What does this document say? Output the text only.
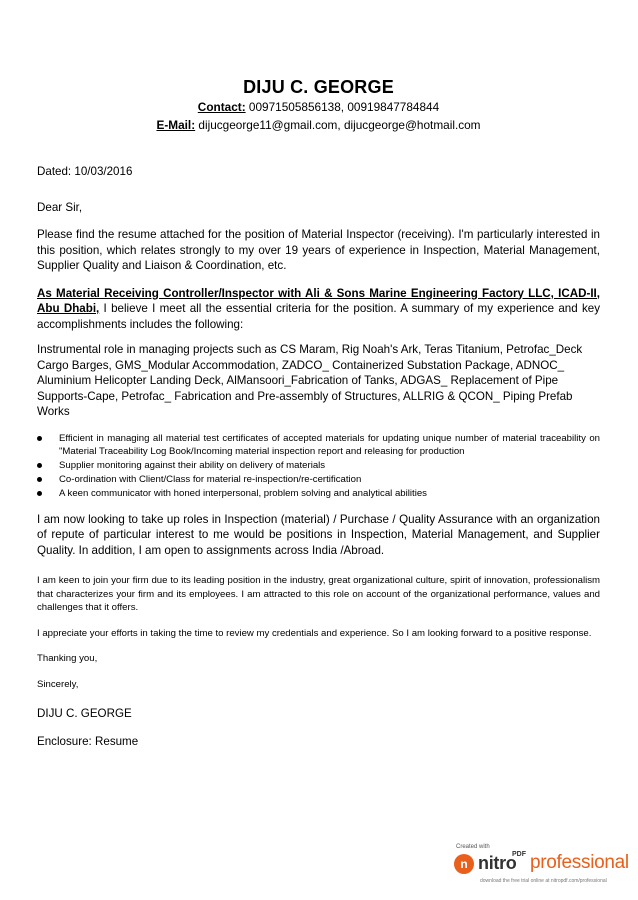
DIJU C. GEORGE
Contact: 00971505856138, 00919847784844
E-Mail: dijucgeorge11@gmail.com, dijucgeorge@hotmail.com

Dated: 10/03/2016

Dear Sir,

Please find the resume attached for the position of Material Inspector (receiving). I'm particularly interested in this position, which relates strongly to my over 19 years of experience in Inspection, Material Management, Supplier Quality and Liaison & Coordination, etc.

As Material Receiving Controller/Inspector with Ali & Sons Marine Engineering Factory LLC, ICAD-II, Abu Dhabi, I believe I meet all the essential criteria for the position. A summary of my experience and key accomplishments includes the following:

Instrumental role in managing projects such as CS Maram, Rig Noah's Ark, Teras Titanium, Petrofac_Deck Cargo Barges, GMS_Modular Accommodation, ZADCO_ Containerized Substation Package, ADNOC_ Aluminium Helicopter Landing Deck, AlMansoori_Fabrication of Tanks, ADGAS_ Replacement of Pipe Supports-Cape, Petrofac_ Fabrication and Pre-assembly of Structures, ALLRIG & QCON_ Piping Prefab Works

Efficient in managing all material test certificates of accepted materials for updating unique number of material traceability on "Material Traceability Log Book/Incoming material inspection report and releasing for production
Supplier monitoring against their ability on delivery of materials
Co-ordination with Client/Class for material re-inspection/re-certification
A keen communicator with honed interpersonal, problem solving and analytical abilities

I am now looking to take up roles in Inspection (material) / Purchase / Quality Assurance with an organization of repute of particular interest to me would be positions in Inspection, Material Management, and Supplier Quality. In addition, I am open to assignments across India /Abroad.

I am keen to join your firm due to its leading position in the industry, great organizational culture, spirit of innovation, professionalism that characterizes your firm and its employees. I am attracted to this role on account of the organizational performance, values and challenges that it offers.

I appreciate your efforts in taking the time to review my credentials and experience. So I am looking forward to a positive response.

Thanking you,

Sincerely,

DIJU C. GEORGE

Enclosure: Resume

Created with
n nitro
PDF professional
download the free trial online at nitropdf.com/professional
